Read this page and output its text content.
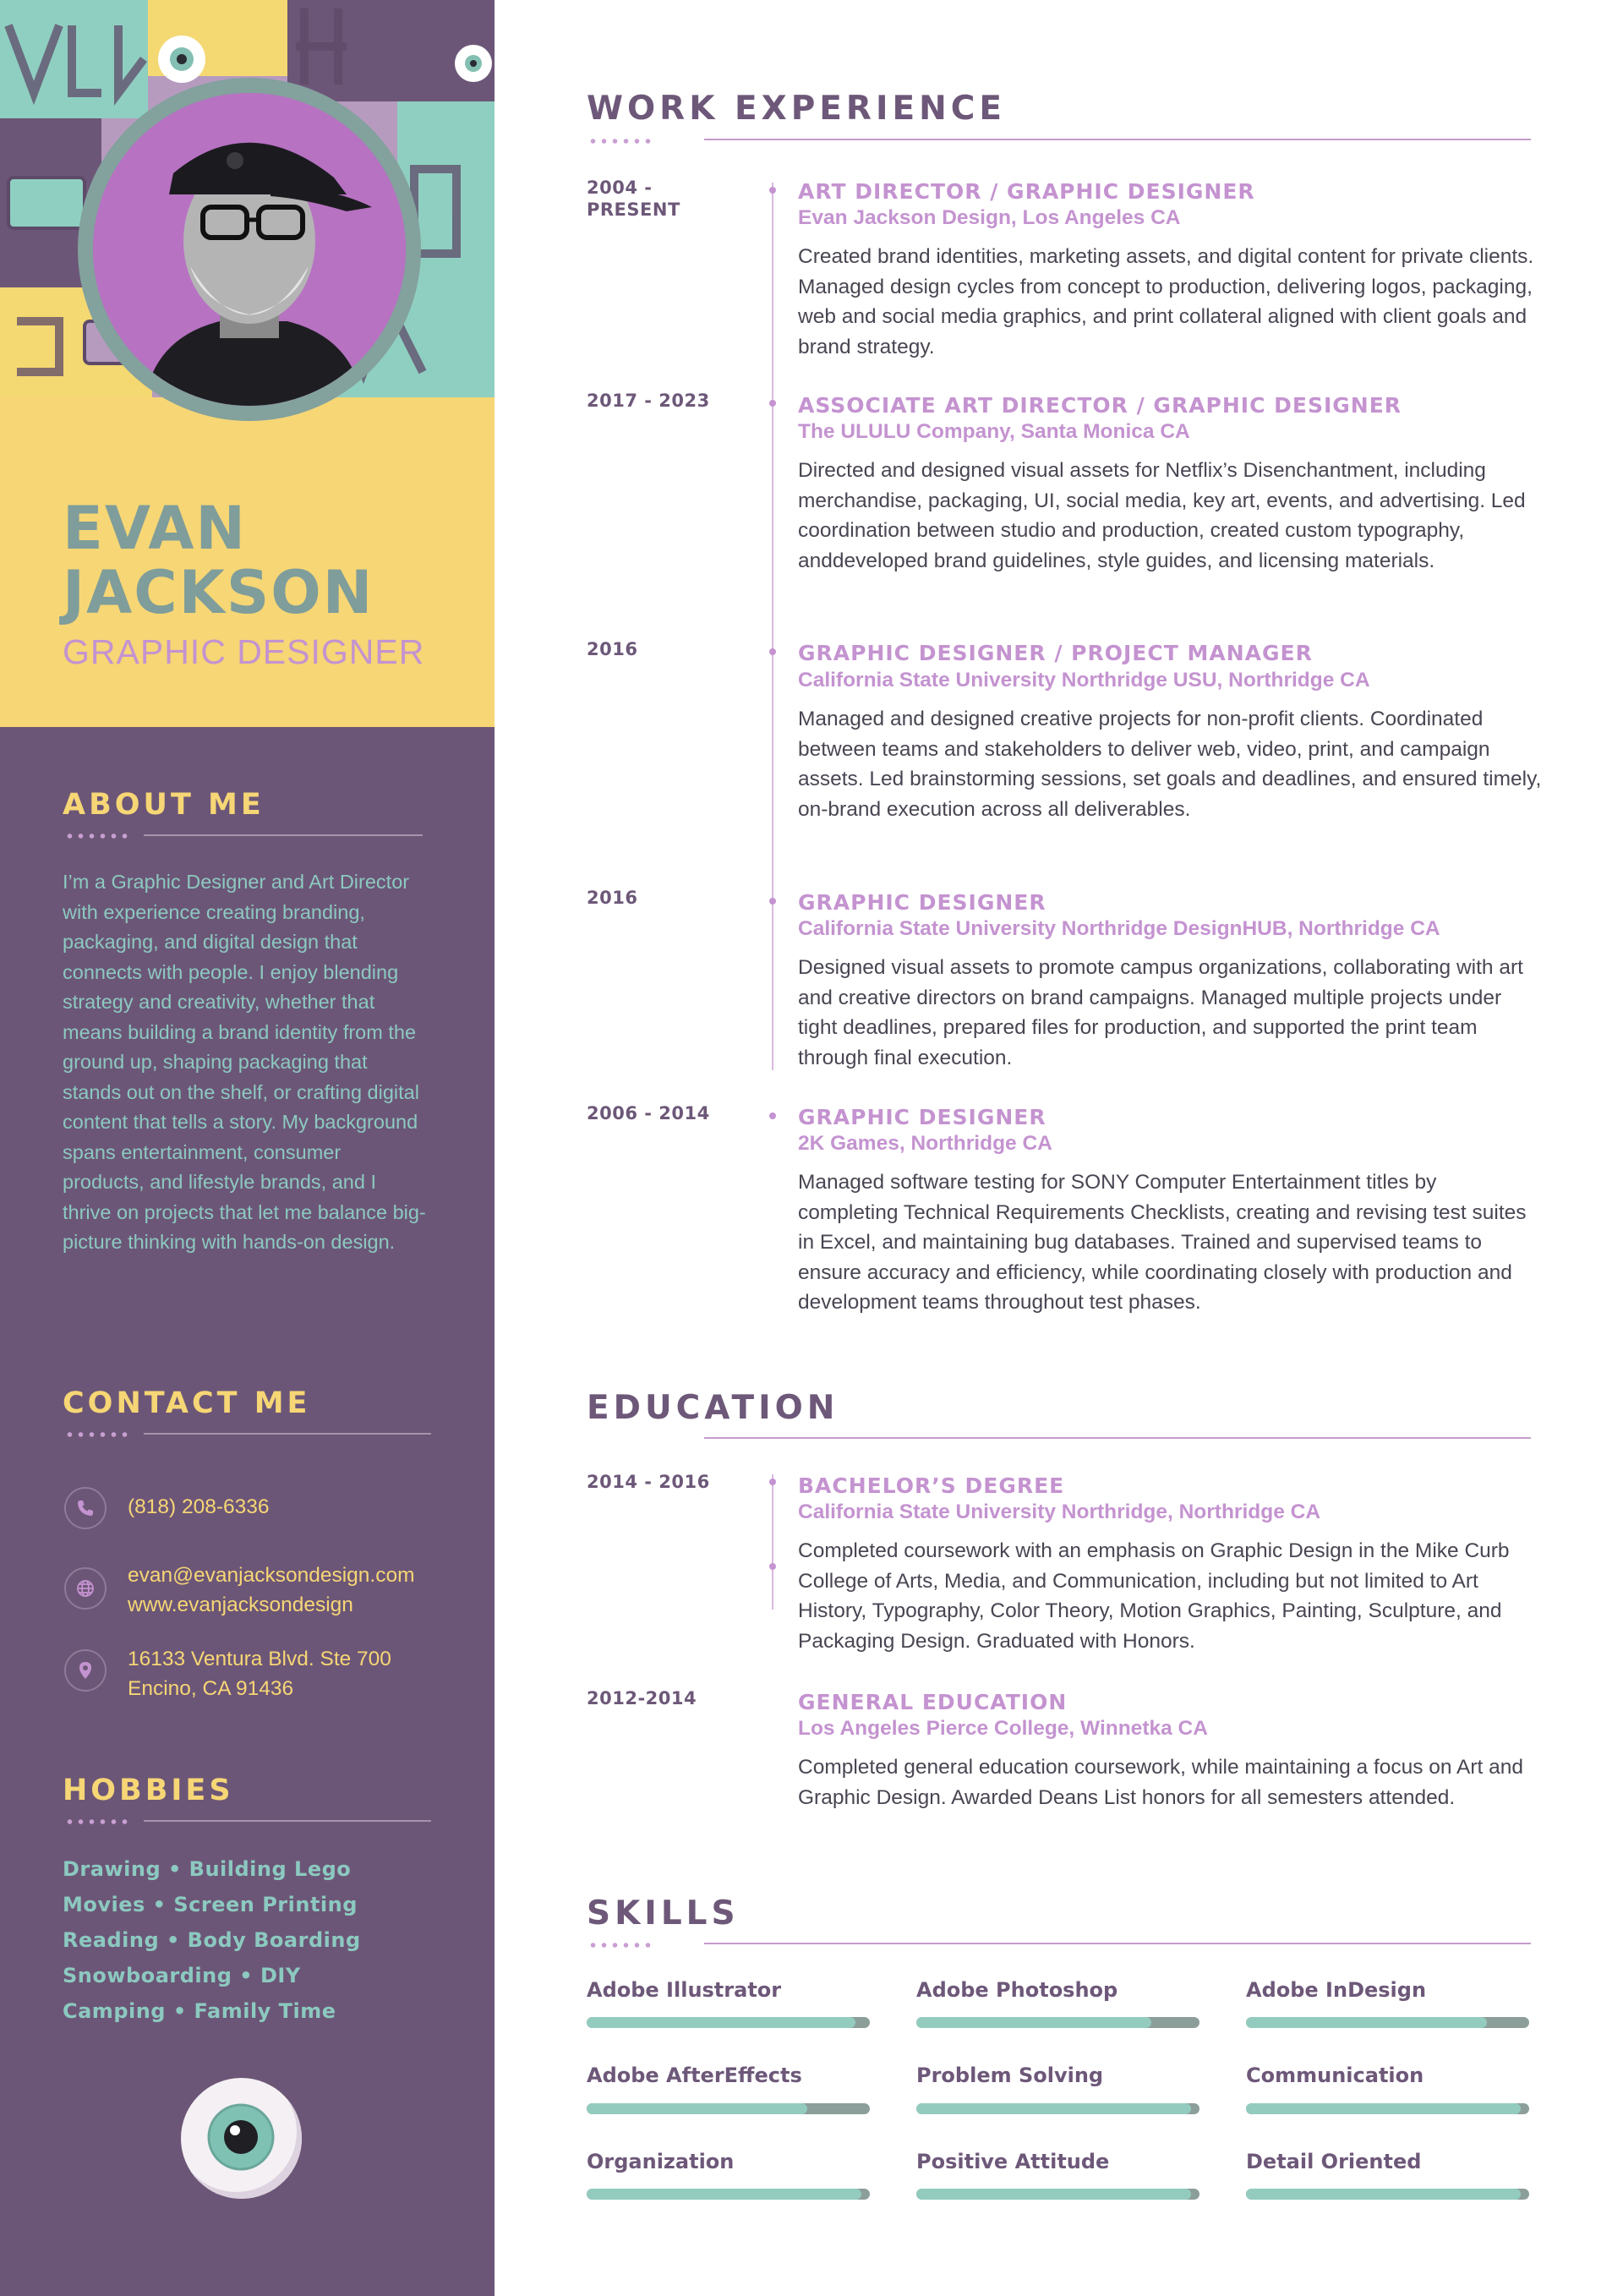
EVAN
JACKSON
GRAPHIC DESIGNER
ABOUT ME
I’m a Graphic Designer and Art Director with experience creating branding, packaging, and digital design that connects with people. I enjoy blending strategy and creativity, whether that means building a brand identity from the ground up, shaping packaging that stands out on the shelf, or crafting digital content that tells a story. My background spans entertainment, consumer products, and lifestyle brands, and I thrive on projects that let me balance big-picture thinking with hands-on design.
CONTACT ME
(818) 208-6336
evan@evanjacksondesign.com
www.evanjacksondesign
16133 Ventura Blvd. Ste 700
Encino, CA 91436
HOBBIES
Drawing • Building Lego
Movies • Screen Printing
Reading • Body Boarding
Snowboarding • DIY
Camping • Family Time
WORK EXPERIENCE
2004 -
PRESENT
ART DIRECTOR / GRAPHIC DESIGNER
Evan Jackson Design, Los Angeles CA
Created brand identities, marketing assets, and digital content for private clients. Managed design cycles from concept to production, delivering logos, packaging, web and social media graphics, and print collateral aligned with client goals and brand strategy.
2017 - 2023	ASSOCIATE ART DIRECTOR / GRAPHIC DESIGNER
The ULULU Company, Santa Monica CA
Directed and designed visual assets for Netflix’s Disenchantment, including merchandise, packaging, UI, social media, key art, events, and advertising. Led coordination between studio and production, created custom typography, anddeveloped brand guidelines, style guides, and licensing materials.
2016	GRAPHIC DESIGNER / PROJECT MANAGER
California State University Northridge USU, Northridge CA
Managed and designed creative projects for non-profit clients. Coordinated between teams and stakeholders to deliver web, video, print, and campaign assets. Led brainstorming sessions, set goals and deadlines, and ensured timely, on-brand execution across all deliverables.
2016	GRAPHIC DESIGNER
California State University Northridge DesignHUB, Northridge CA
Designed visual assets to promote campus organizations, collaborating with art and creative directors on brand campaigns. Managed multiple projects under tight deadlines, prepared files for production, and supported the print team through final execution.
2006 - 2014	GRAPHIC DESIGNER
2K Games, Northridge CA
Managed software testing for SONY Computer Entertainment titles by completing Technical Requirements Checklists, creating and revising test suites in Excel, and maintaining bug databases. Trained and supervised teams to ensure accuracy and efficiency, while coordinating closely with production and development teams throughout test phases.
EDUCATION
2014 - 2016	BACHELOR’S DEGREE
California State University Northridge, Northridge CA
Completed coursework with an emphasis on Graphic Design in the Mike Curb College of Arts, Media, and Communication, including but not limited to Art History, Typography, Color Theory, Motion Graphics, Painting, Sculpture, and Packaging Design. Graduated with Honors.
2012-2014	GENERAL EDUCATION
Los Angeles Pierce College, Winnetka CA
Completed general education coursework, while maintaining a focus on Art and Graphic Design. Awarded Deans List honors for all semesters attended.
SKILLS
Adobe Illustrator	Adobe Photoshop	Adobe InDesign
Adobe AfterEffects	Problem Solving	Communication
Organization	Positive Attitude	Detail Oriented
